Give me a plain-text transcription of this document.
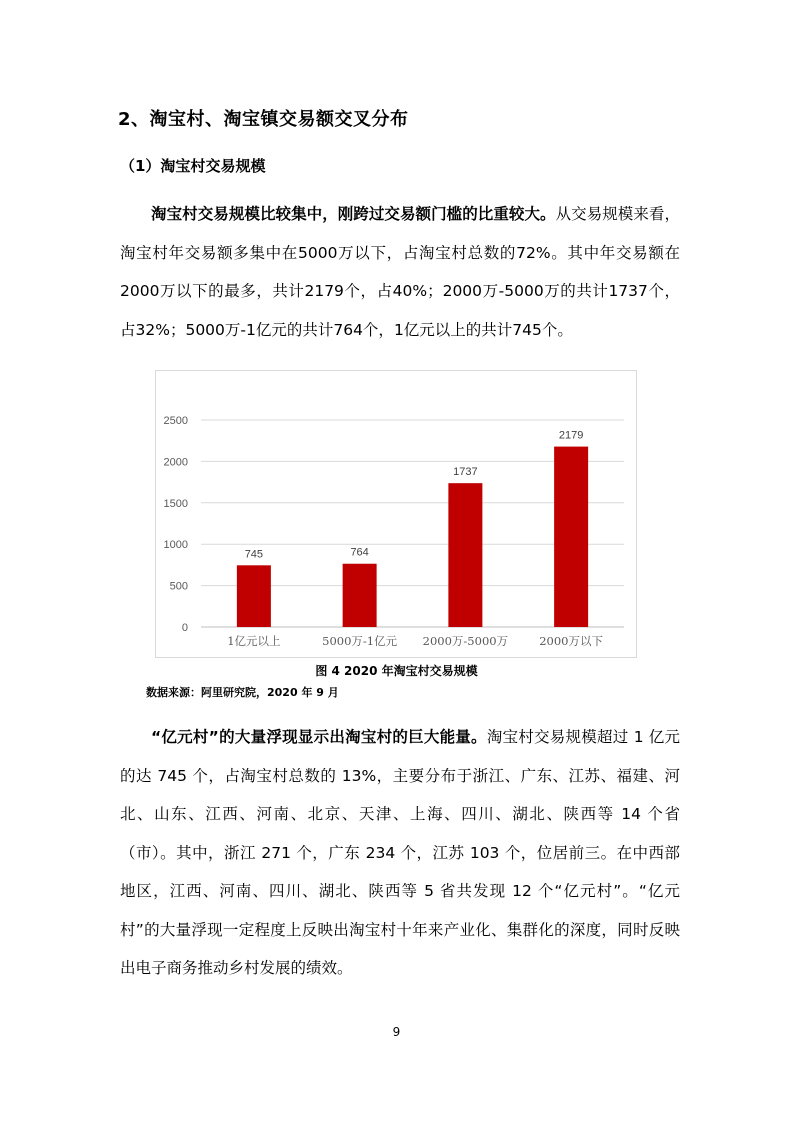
2、淘宝村、淘宝镇交易额交叉分布
（1）淘宝村交易规模
淘宝村交易规模比较集中，刚跨过交易额门槛的比重较大。从交易规模来看，淘宝村年交易额多集中在5000万以下，占淘宝村总数的72%。其中年交易额在2000万以下的最多，共计2179个，占40%；2000万-5000万的共计1737个，占32%；5000万-1亿元的共计764个，1亿元以上的共计745个。
0
500
1000
1500
2000
2500
745
1亿元以上
764
5000万-1亿元
1737
2000万-5000万
2179
2000万以下
图 4 2020 年淘宝村交易规模
数据来源：阿里研究院，2020 年 9 月
“亿元村”的大量浮现显示出淘宝村的巨大能量。淘宝村交易规模超过 1 亿元的达 745 个，占淘宝村总数的 13%，主要分布于浙江、广东、江苏、福建、河北、山东、江西、河南、北京、天津、上海、四川、湖北、陕西等 14 个省（市）。其中，浙江 271 个，广东 234 个，江苏 103 个，位居前三。在中西部地区，江西、河南、四川、湖北、陕西等 5 省共发现 12 个“亿元村”。“亿元村”的大量浮现一定程度上反映出淘宝村十年来产业化、集群化的深度，同时反映出电子商务推动乡村发展的绩效。
9
